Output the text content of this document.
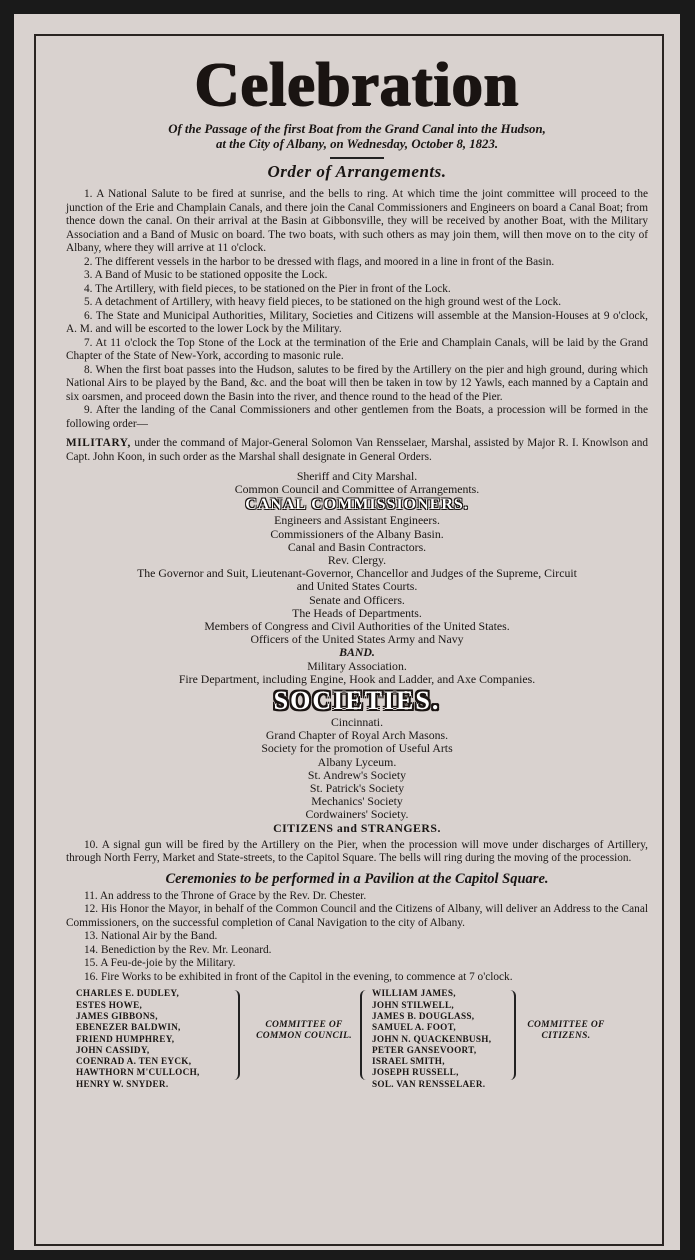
Celebration
Of the Passage of the first Boat from the Grand Canal into the Hudson,
at the City of Albany, on Wednesday, October 8, 1823.
Order of Arrangements.

1. A National Salute to be fired at sunrise, and the bells to ring. At which time the joint committee will proceed to the junction of the Erie and Champlain Canals, and there join the Canal Commissioners and Engineers on board a Canal Boat; from thence down the canal. On their arrival at the Basin at Gibbonsville, they will be received by another Boat, with the Military Association and a Band of Music on board. The two boats, with such others as may join them, will then move on to the city of Albany, where they will arrive at 11 o'clock.

2. The different vessels in the harbor to be dressed with flags, and moored in a line in front of the Basin.

3. A Band of Music to be stationed opposite the Lock.

4. The Artillery, with field pieces, to be stationed on the Pier in front of the Lock.

5. A detachment of Artillery, with heavy field pieces, to be stationed on the high ground west of the Lock.

6. The State and Municipal Authorities, Military, Societies and Citizens will assemble at the Mansion-Houses at 9 o'clock, A. M. and will be escorted to the lower Lock by the Military.

7. At 11 o'clock the Top Stone of the Lock at the termination of the Erie and Champlain Canals, will be laid by the Grand Chapter of the State of New-York, according to masonic rule.

8. When the first boat passes into the Hudson, salutes to be fired by the Artillery on the pier and high ground, during which National Airs to be played by the Band, &c. and the boat will then be taken in tow by 12 Yawls, each manned by a Captain and six oarsmen, and proceed down the Basin into the river, and thence round to the head of the Pier.

9. After the landing of the Canal Commissioners and other gentlemen from the Boats, a procession will be formed in the following order—

MILITARY, under the command of Major-General Solomon Van Rensselaer, Marshal, assisted by Major R. I. Knowlson and Capt. John Koon, in such order as the Marshal shall designate in General Orders.

Sheriff and City Marshal.
Common Council and Committee of Arrangements.
CANAL COMMISSIONERS.
Engineers and Assistant Engineers.
Commissioners of the Albany Basin.
Canal and Basin Contractors.
Rev. Clergy.
The Governor and Suit, Lieutenant-Governor, Chancellor and Judges of the Supreme, Circuit
and United States Courts.
Senate and Officers.
The Heads of Departments.
Members of Congress and Civil Authorities of the United States.
Officers of the United States Army and Navy
BAND.
Military Association.
Fire Department, including Engine, Hook and Ladder, and Axe Companies.
SOCIETIES.
Cincinnati.
Grand Chapter of Royal Arch Masons.
Society for the promotion of Useful Arts
Albany Lyceum.
St. Andrew's Society
St. Patrick's Society
Mechanics' Society
Cordwainers' Society.
CITIZENS and STRANGERS.

10. A signal gun will be fired by the Artillery on the Pier, when the procession will move under discharges of Artillery, through North Ferry, Market and State-streets, to the Capitol Square. The bells will ring during the moving of the procession.

Ceremonies to be performed in a Pavilion at the Capitol Square.

11. An address to the Throne of Grace by the Rev. Dr. Chester.

12. His Honor the Mayor, in behalf of the Common Council and the Citizens of Albany, will deliver an Address to the Canal Commissioners, on the successful completion of Canal Navigation to the city of Albany.

13. National Air by the Band.

14. Benediction by the Rev. Mr. Leonard.

15. A Feu-de-joie by the Military.

16. Fire Works to be exhibited in front of the Capitol in the evening, to commence at 7 o'clock.

CHARLES E. DUDLEY,
ESTES HOWE,
JAMES GIBBONS,
EBENEZER BALDWIN,
FRIEND HUMPHREY,
JOHN CASSIDY,
COENRAD A. TEN EYCK,
HAWTHORN M'CULLOCH,
HENRY W. SNYDER.
COMMITTEE OF
COMMON COUNCIL.
WILLIAM JAMES,
JOHN STILWELL,
JAMES B. DOUGLASS,
SAMUEL A. FOOT,
JOHN N. QUACKENBUSH,
PETER GANSEVOORT,
ISRAEL SMITH,
JOSEPH RUSSELL,
SOL. VAN RENSSELAER.
COMMITTEE OF
CITIZENS.
